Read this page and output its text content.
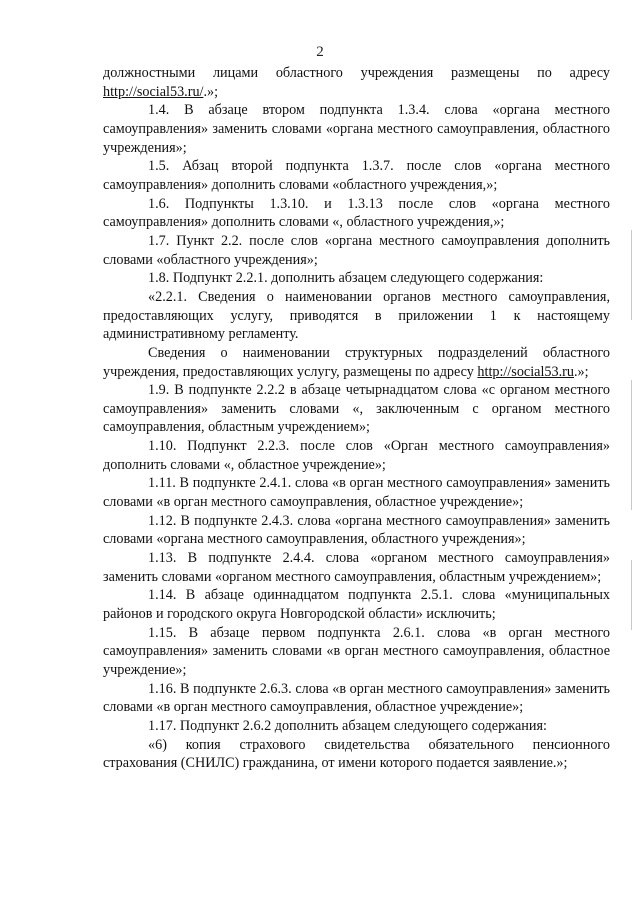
2

должностными лицами областного учреждения размещены по адресу http://social53.ru/.»;

1.4. В абзаце втором подпункта 1.3.4. слова «органа местного самоуправления» заменить словами «органа местного самоуправления, областного учреждения»;

1.5. Абзац второй подпункта 1.3.7. после слов «органа местного самоуправления» дополнить словами «областного учреждения,»;

1.6. Подпункты 1.3.10. и 1.3.13 после слов «органа местного самоуправления» дополнить словами «, областного учреждения,»;

1.7. Пункт 2.2. после слов «органа местного самоуправления дополнить словами «областного учреждения»;

1.8. Подпункт 2.2.1. дополнить абзацем следующего содержания:

«2.2.1. Сведения о наименовании органов местного самоуправления, предоставляющих услугу, приводятся в приложении 1 к настоящему административному регламенту.

Сведения о наименовании структурных подразделений областного учреждения, предоставляющих услугу, размещены по адресу http://social53.ru.»;

1.9. В подпункте 2.2.2 в абзаце четырнадцатом слова «с органом местного самоуправления» заменить словами «, заключенным с органом местного самоуправления, областным учреждением»;

1.10. Подпункт 2.2.3. после слов «Орган местного самоуправления» дополнить словами «, областное учреждение»;

1.11. В подпункте 2.4.1. слова «в орган местного самоуправления» заменить словами «в орган местного самоуправления, областное учреждение»;

1.12. В подпункте 2.4.3. слова «органа местного самоуправления» заменить словами «органа местного самоуправления, областного учреждения»;

1.13. В подпункте 2.4.4. слова «органом местного самоуправления» заменить словами «органом местного самоуправления, областным учреждением»;

1.14. В абзаце одиннадцатом подпункта 2.5.1. слова «муниципальных районов и городского округа Новгородской области» исключить;

1.15. В абзаце первом подпункта 2.6.1. слова «в орган местного самоуправления» заменить словами «в орган местного самоуправления, областное учреждение»;

1.16. В подпункте 2.6.3. слова «в орган местного самоуправления» заменить словами «в орган местного самоуправления, областное учреждение»;

1.17. Подпункт 2.6.2 дополнить абзацем следующего содержания:

«6) копия страхового свидетельства обязательного пенсионного страхования (СНИЛС) гражданина, от имени которого подается заявление.»;
